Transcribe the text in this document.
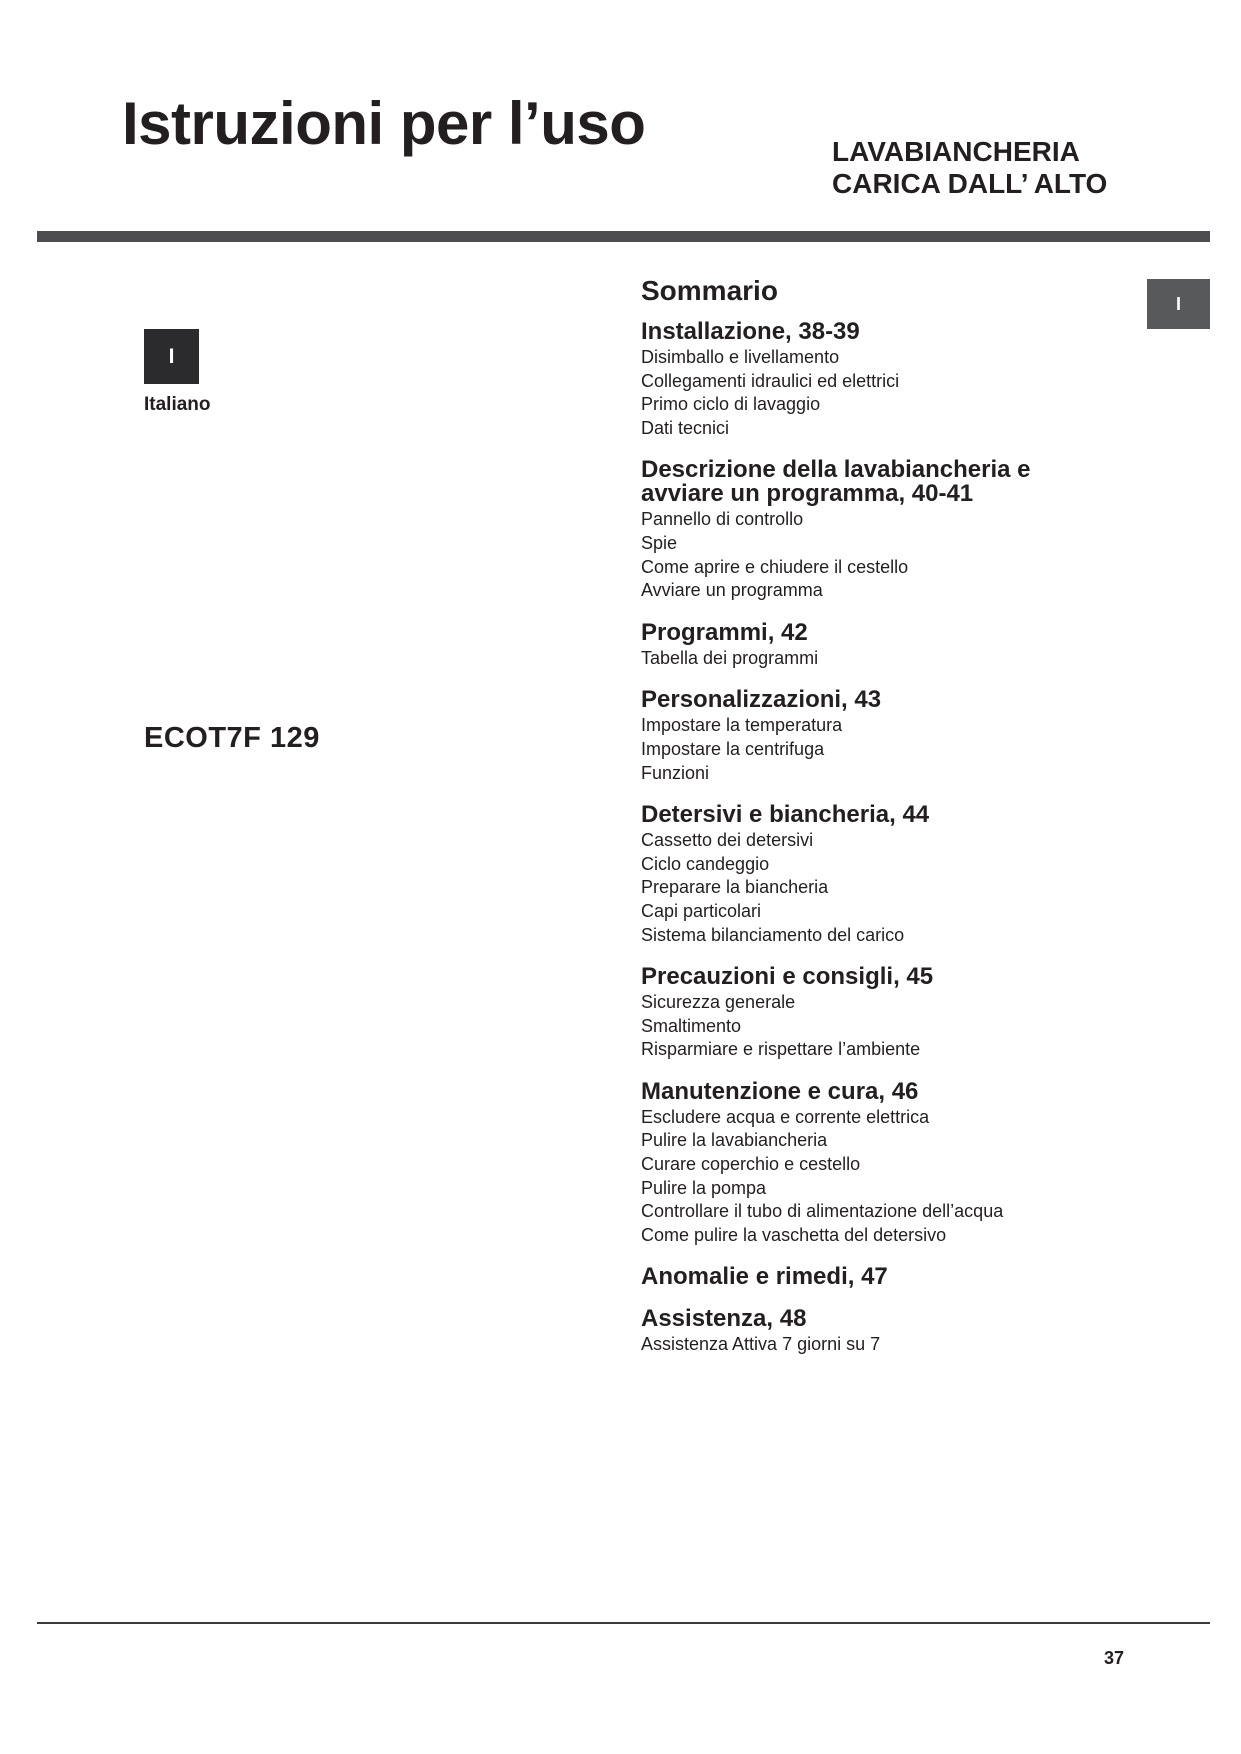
Istruzioni per l’uso	LAVABIANCHERIA
CARICA DALL’ ALTO
I
Italiano
ECOT7F 129
I
Sommario
Installazione, 38-39
Disimballo e livellamento
Collegamenti idraulici ed elettrici
Primo ciclo di lavaggio
Dati tecnici
Descrizione della lavabiancheria e avviare un programma, 40-41
Pannello di controllo
Spie
Come aprire e chiudere il cestello
Avviare un programma
Programmi, 42
Tabella dei programmi
Personalizzazioni, 43
Impostare la temperatura
Impostare la centrifuga
Funzioni
Detersivi e biancheria, 44
Cassetto dei detersivi
Ciclo candeggio
Preparare la biancheria
Capi particolari
Sistema bilanciamento del carico
Precauzioni e consigli, 45
Sicurezza generale
Smaltimento
Risparmiare e rispettare l’ambiente
Manutenzione e cura, 46
Escludere acqua e corrente elettrica
Pulire la lavabiancheria
Curare coperchio e cestello
Pulire la pompa
Controllare il tubo di alimentazione dell’acqua
Come pulire la vaschetta del detersivo
Anomalie e rimedi, 47
Assistenza, 48
Assistenza Attiva 7 giorni su 7
37
